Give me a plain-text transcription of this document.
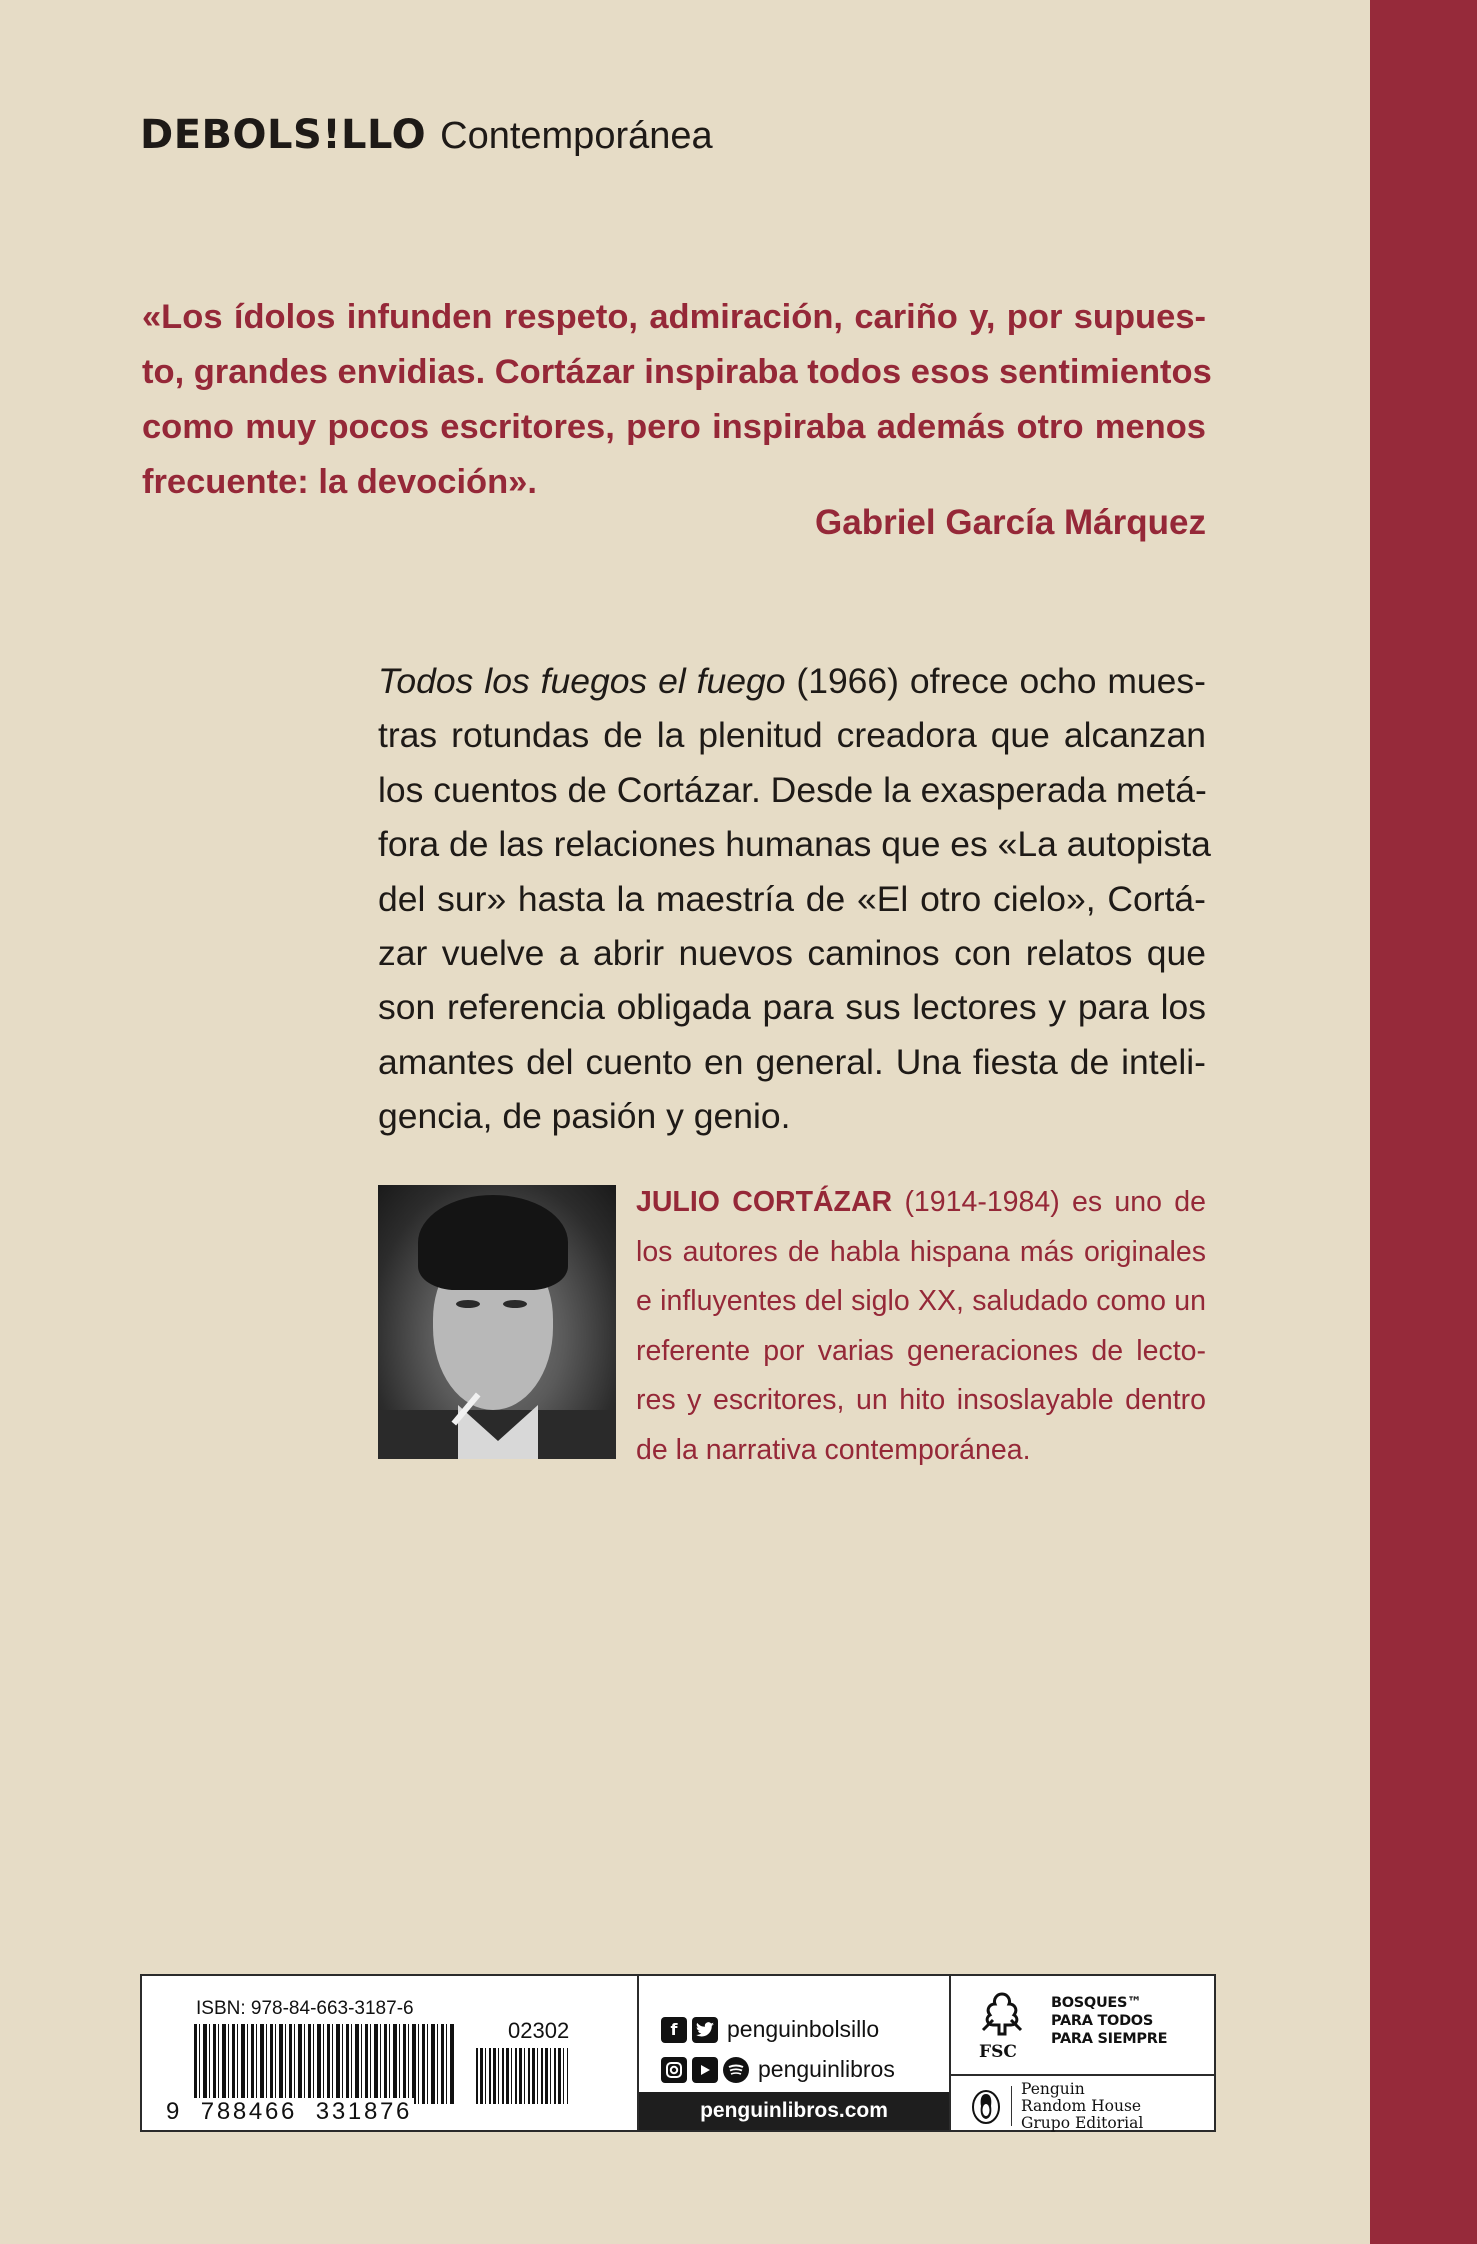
DEBOLS!LLO Contemporánea
«Los ídolos infunden respeto, admiración, cariño y, por supues-
to, grandes envidias. Cortázar inspiraba todos esos sentimientos
como muy pocos escritores, pero inspiraba además otro menos
frecuente: la devoción».
Gabriel García Márquez
Todos los fuegos el fuego (1966) ofrece ocho mues-
tras rotundas de la plenitud creadora que alcanzan
los cuentos de Cortázar. Desde la exasperada metá-
fora de las relaciones humanas que es «La autopista
del sur» hasta la maestría de «El otro cielo», Cortá-
zar vuelve a abrir nuevos caminos con relatos que
son referencia obligada para sus lectores y para los
amantes del cuento en general. Una fiesta de inteli-
gencia, de pasión y genio.
JULIO CORTÁZAR (1914-1984) es uno de
los autores de habla hispana más originales
e influyentes del siglo XX, saludado como un
referente por varias generaciones de lecto-
res y escritores, un hito insoslayable dentro
de la narrativa contemporánea.
ISBN: 978-84-663-3187-6
02302
9  788466  331876
f	penguinbolsillo
penguinlibros
penguinlibros.com
FSC
BOSQUES™
PARA TODOS
PARA SIEMPRE
Penguin
Random House
Grupo Editorial
